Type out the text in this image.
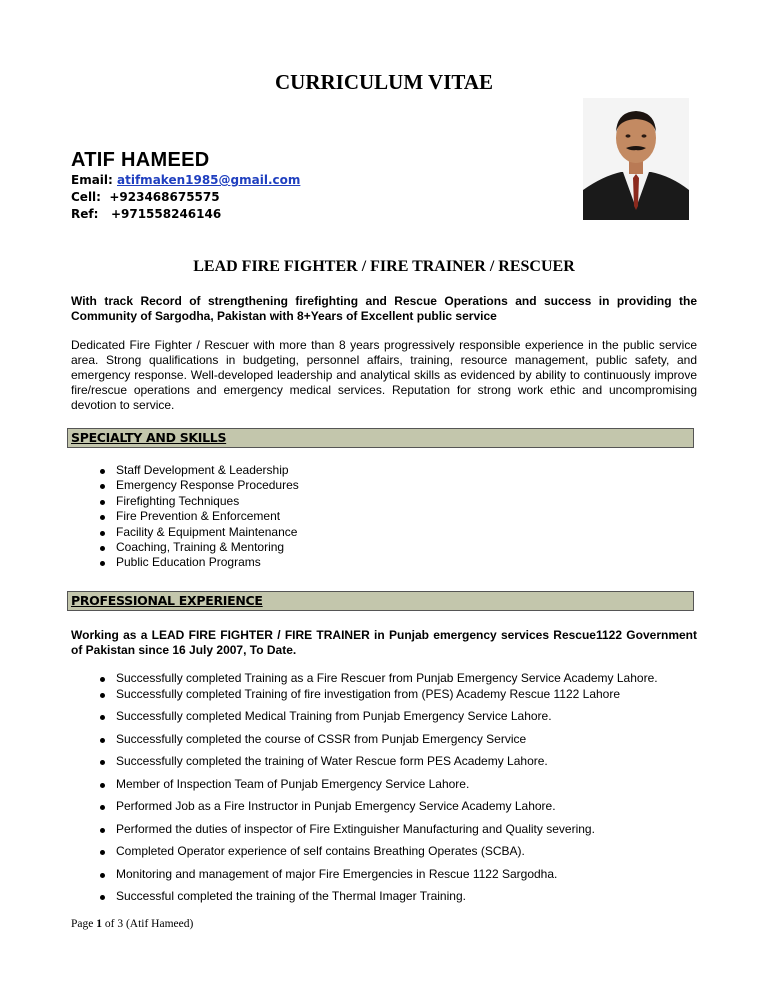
CURRICULUM VITAE
ATIF HAMEED
Email: atifmaken1985@gmail.com
Cell: +923468675575
Ref: +971558246146
LEAD FIRE FIGHTER / FIRE TRAINER / RESCUER
With track Record of strengthening firefighting and Rescue Operations and success in providing the Community of Sargodha, Pakistan with 8+Years of Excellent public service
Dedicated Fire Fighter / Rescuer with more than 8 years progressively responsible experience in the public service area. Strong qualifications in budgeting, personnel affairs, training, resource management, public safety, and emergency response. Well-developed leadership and analytical skills as evidenced by ability to continuously improve fire/rescue operations and emergency medical services. Reputation for strong work ethic and uncompromising devotion to service.
SPECIALTY AND SKILLS
Staff Development & Leadership
Emergency Response Procedures
Firefighting Techniques
Fire Prevention & Enforcement
Facility & Equipment Maintenance
Coaching, Training & Mentoring
Public Education Programs
PROFESSIONAL EXPERIENCE
Working as a LEAD FIRE FIGHTER / FIRE TRAINER in Punjab emergency services Rescue1122 Government of Pakistan since 16 July 2007, To Date.
Successfully completed Training as a Fire Rescuer from Punjab Emergency Service Academy Lahore.
Successfully completed Training of fire investigation from (PES) Academy Rescue 1122 Lahore
Successfully completed Medical Training from Punjab Emergency Service Lahore.
Successfully completed the course of CSSR from Punjab Emergency Service
Successfully completed the training of Water Rescue form PES Academy Lahore.
Member of Inspection Team of Punjab Emergency Service Lahore.
Performed Job as a Fire Instructor in Punjab Emergency Service Academy Lahore.
Performed the duties of inspector of Fire Extinguisher Manufacturing and Quality severing.
Completed Operator experience of self contains Breathing Operates (SCBA).
Monitoring and management of major Fire Emergencies in Rescue 1122 Sargodha.
Successful completed the training of the Thermal Imager Training.
Page 1 of 3 (Atif Hameed)
